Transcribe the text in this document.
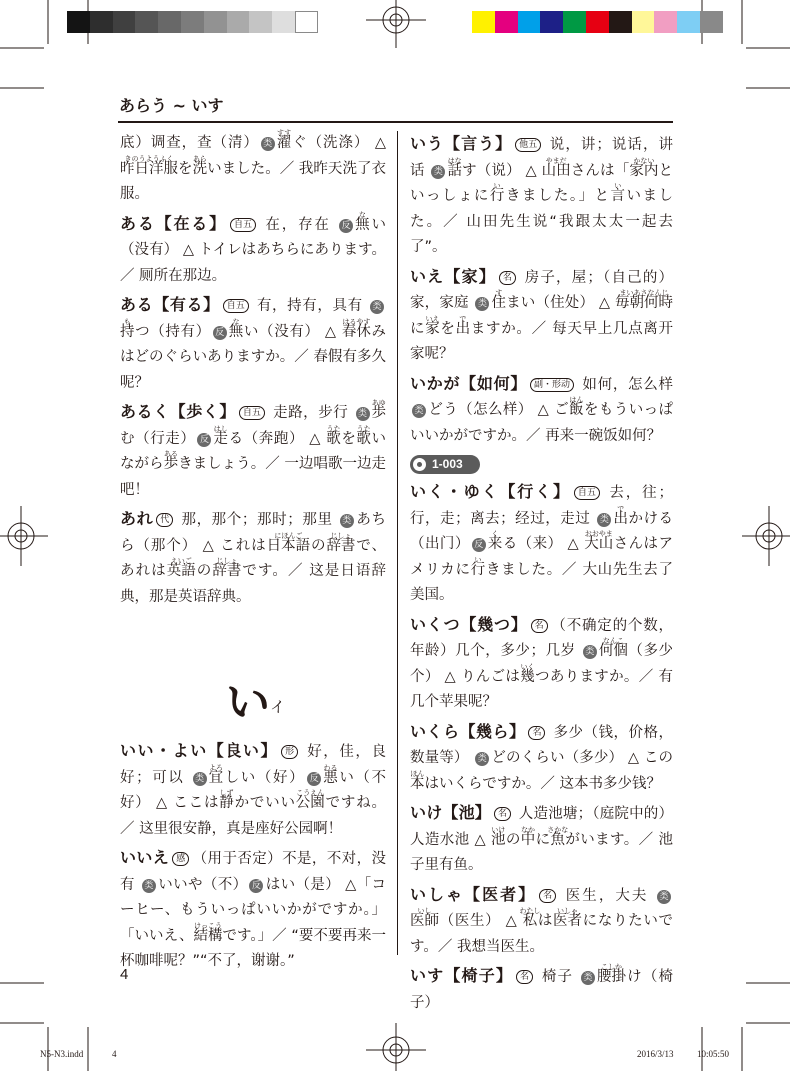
あらう ~ いす
底）调查，查（清） 类
すす
濯ぐ（洗涤） △
きのうようふく
昨日洋服を
あら
洗いました。／ 我昨天洗了衣服。
ある【在る】 自五 在，存在 反
な
無い（没有） △ トイレはあちらにあります。／ 厕所在那边。
ある【有る】 自五 有，持有，具有 类
も
持つ（持有） 反
な
無い（没有） △
はるやす
春休みはどのぐらいありますか。／ 春假有多久呢？
あるく【歩く】 自五 走路，步行 类
あゆ
歩む（行走） 反
はし
走る（奔跑） △
うた
歌を
うた
歌いながら
ある
歩きましょう。／ 一边唱歌一边走吧！
あれ 代 那，那个；那时；那里 类 あちら（那个） △ これは
にほんご
日本語の
じしょ
辞書で、あれは
えいご
英語の
じしょ
辞書です。／ 这是日语辞典，那是英语辞典。
い イ
いい・よい【良い】 形 好，佳，良好；可以 类
よろ
宜しい（好） 反
わる
悪い（不好） △ ここは
しず
静かでいい
こうえん
公園ですね。／ 这里很安静，真是座好公园啊！
いいえ 感 （用于否定）不是，不对，没有 类 いいや（不） 反 はい（是） △「コーヒー、もういっぱいいかがですか。」「いいえ、
けっこう
結構です。」／ “要不要再来一杯咖啡呢？”“不了，谢谢。”
いう【言う】 他五 说，讲；说话，讲话 类
はな
話す（说） △
やまだ
山田さんは「
かない
家内といっしょに
い
行きました。」と
い
言いました。／ 山田先生说“我跟太太一起去了”。
いえ【家】 名 房子，屋；（自己的）家，家庭 类
す
住まい（住处） △
まいあさなんじ
毎朝何時に
いえ
家を
で
出ますか。／ 每天早上几点离开家呢？
いかが【如何】 副・形动 如何，怎么样 类 どう（怎么样） △ ご
はん
飯をもういっぱいいかがですか。／ 再来一碗饭如何？
1-003
いく・ゆく【行く】 自五 去，往；行，走；离去；经过，走过 类
で
出かける（出门） 反
く
来る（来） △
おおやま
大山さんはアメリカに
い
行きました。／ 大山先生去了美国。
いくつ【幾つ】 名 （不确定的个数，年龄）几个，多少；几岁 类
なんこ
何個（多少个） △ りんごは
いく
幾つありますか。／ 有几个苹果呢？
いくら【幾ら】 名 多少（钱，价格，数量等） 类 どのくらい（多少） △ この
ほん
本はいくらですか。／ 这本书多少钱？
いけ【池】 名 人造池塘；（庭院中的）人造水池 △
いけ
池の
なか
中に
さかな
魚がいます。／ 池子里有鱼。
いしゃ【医者】 名 医生，大夫 类
いし
医師（医生） △
わたし
私は
いしゃ
医者になりたいです。／ 我想当医生。
いす【椅子】 名 椅子 类
こしか
腰掛け（椅子）
4
N5-N3.indd	4	2016/3/13	10:05:50
